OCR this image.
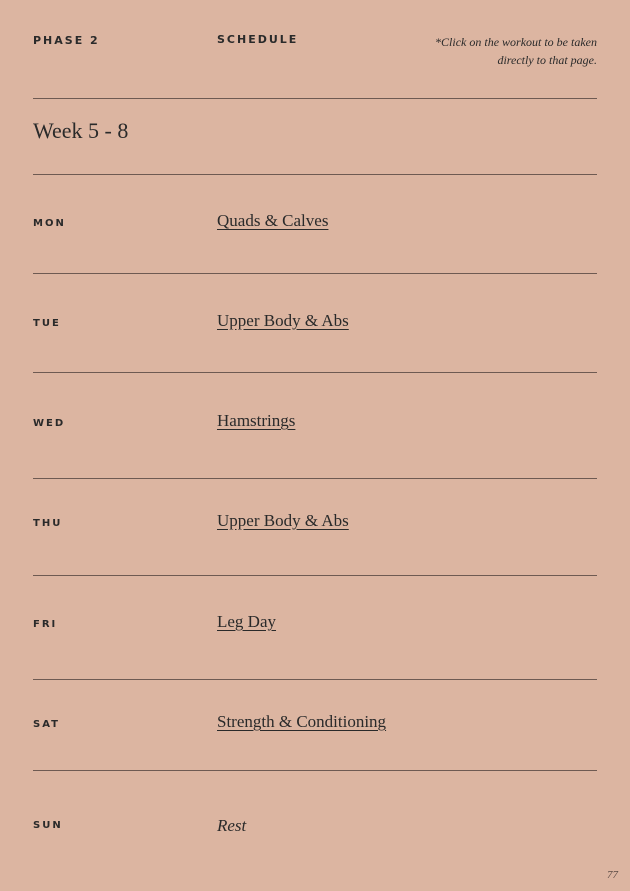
PHASE 2	SCHEDULE	*Click on the workout to be taken
directly to that page.
Week 5 - 8
MON	Quads & Calves
TUE	Upper Body & Abs
WED	Hamstrings
THU	Upper Body & Abs
FRI	Leg Day
SAT	Strength & Conditioning
SUN	Rest
77
